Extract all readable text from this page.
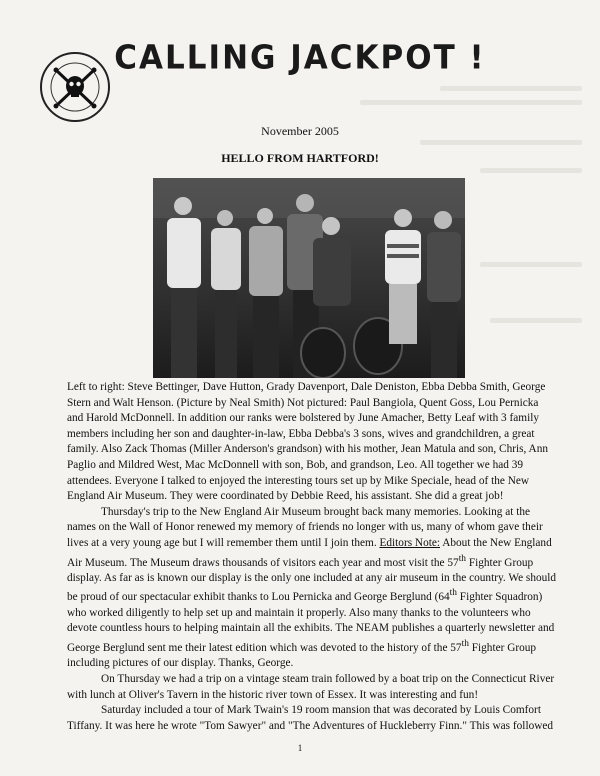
CALLING JACKPOT !
November 2005
HELLO FROM HARTFORD!

Left to right: Steve Bettinger, Dave Hutton, Grady Davenport, Dale Deniston, Ebba Debba Smith, George Stern and Walt Henson. (Picture by Neal Smith) Not pictured: Paul Bangiola, Quent Goss, Lou Pernicka and Harold McDonnell. In addition our ranks were bolstered by June Amacher, Betty Leaf with 3 family members including her son and daughter-in-law, Ebba Debba's 3 sons, wives and grandchildren, a great family. Also Zack Thomas (Miller Anderson's grandson) with his mother, Jean Matula and son, Chris, Ann Paglio and Mildred West, Mac McDonnell with son, Bob, and grandson, Leo. All together we had 39 attendees. Everyone I talked to enjoyed the interesting tours set up by Mike Speciale, head of the New England Air Museum. They were coordinated by Debbie Reed, his assistant. She did a great job!

Thursday's trip to the New England Air Museum brought back many memories. Looking at the names on the Wall of Honor renewed my memory of friends no longer with us, many of whom gave their lives at a very young age but I will remember them until I join them. Editors Note: About the New England Air Museum. The Museum draws thousands of visitors each year and most visit the 57th Fighter Group display. As far as is known our display is the only one included at any air museum in the country. We should be proud of our spectacular exhibit thanks to Lou Pernicka and George Berglund (64th Fighter Squadron) who worked diligently to help set up and maintain it properly. Also many thanks to the volunteers who devote countless hours to helping maintain all the exhibits. The NEAM publishes a quarterly newsletter and George Berglund sent me their latest edition which was devoted to the history of the 57th Fighter Group including pictures of our display. Thanks, George.

On Thursday we had a trip on a vintage steam train followed by a boat trip on the Connecticut River with lunch at Oliver's Tavern in the historic river town of Essex. It was interesting and fun!

Saturday included a tour of Mark Twain's 19 room mansion that was decorated by Louis Comfort Tiffany. It was here he wrote "Tom Sawyer" and "The Adventures of Huckleberry Finn." This was followed

1
